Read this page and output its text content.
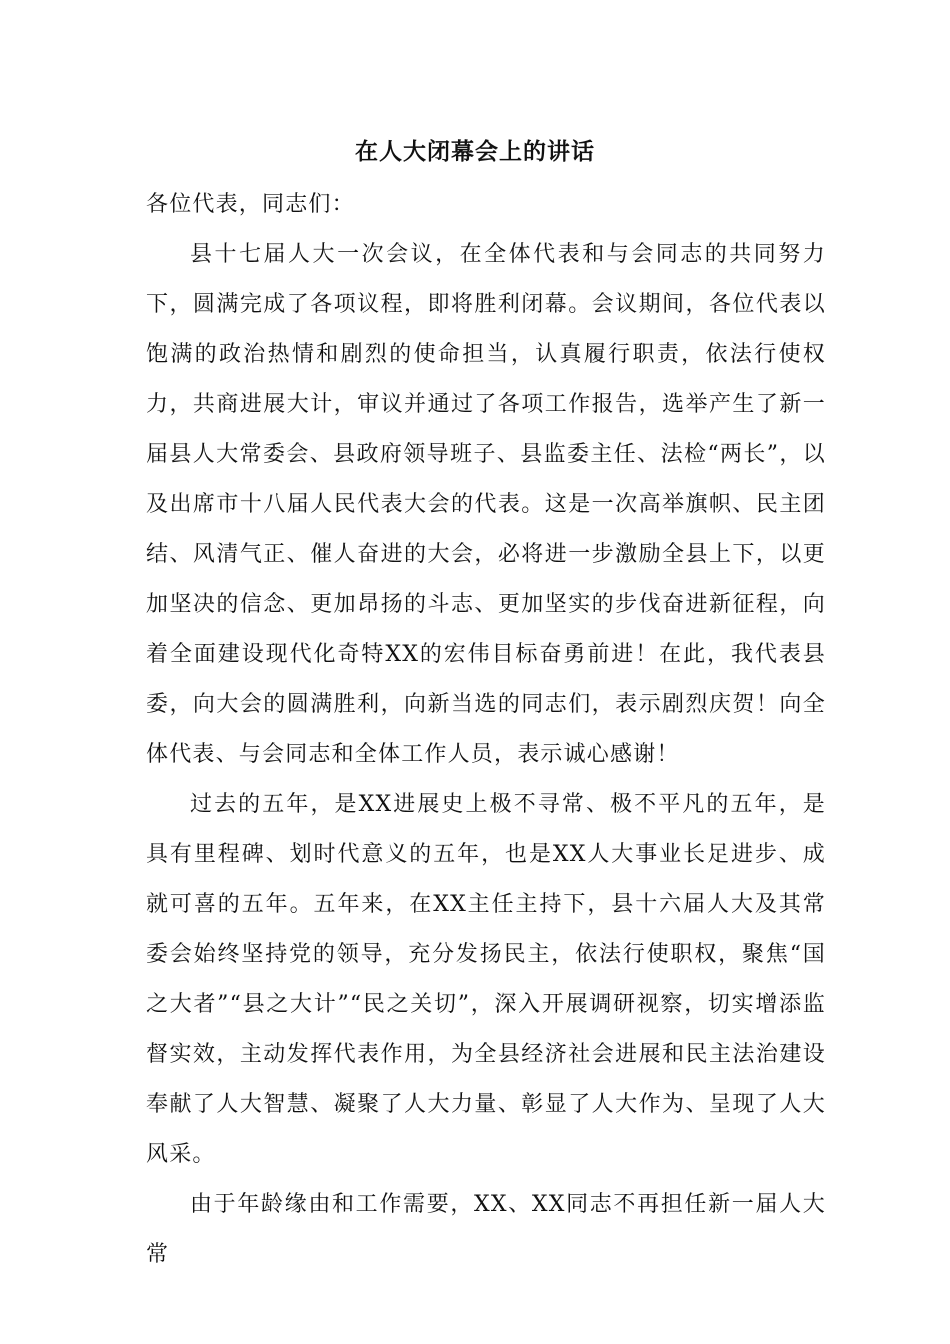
在人大闭幕会上的讲话

各位代表，同志们：

县十七届人大一次会议，在全体代表和与会同志的共同努力下，圆满完成了各项议程，即将胜利闭幕。会议期间，各位代表以饱满的政治热情和剧烈的使命担当，认真履行职责，依法行使权力，共商进展大计，审议并通过了各项工作报告，选举产生了新一届县人大常委会、县政府领导班子、县监委主任、法检“两长”，以及出席市十八届人民代表大会的代表。这是一次高举旗帜、民主团结、风清气正、催人奋进的大会，必将进一步激励全县上下，以更加坚决的信念、更加昂扬的斗志、更加坚实的步伐奋进新征程，向着全面建设现代化奇特XX的宏伟目标奋勇前进！在此，我代表县委，向大会的圆满胜利，向新当选的同志们，表示剧烈庆贺！向全体代表、与会同志和全体工作人员，表示诚心感谢！

过去的五年，是XX进展史上极不寻常、极不平凡的五年，是具有里程碑、划时代意义的五年，也是XX人大事业长足进步、成就可喜的五年。五年来，在XX主任主持下，县十六届人大及其常委会始终坚持党的领导，充分发扬民主，依法行使职权，聚焦“国之大者”“县之大计”“民之关切”，深入开展调研视察，切实增添监督实效，主动发挥代表作用，为全县经济社会进展和民主法治建设奉献了人大智慧、凝聚了人大力量、彰显了人大作为、呈现了人大风采。

由于年龄缘由和工作需要，XX、XX同志不再担任新一届人大常
